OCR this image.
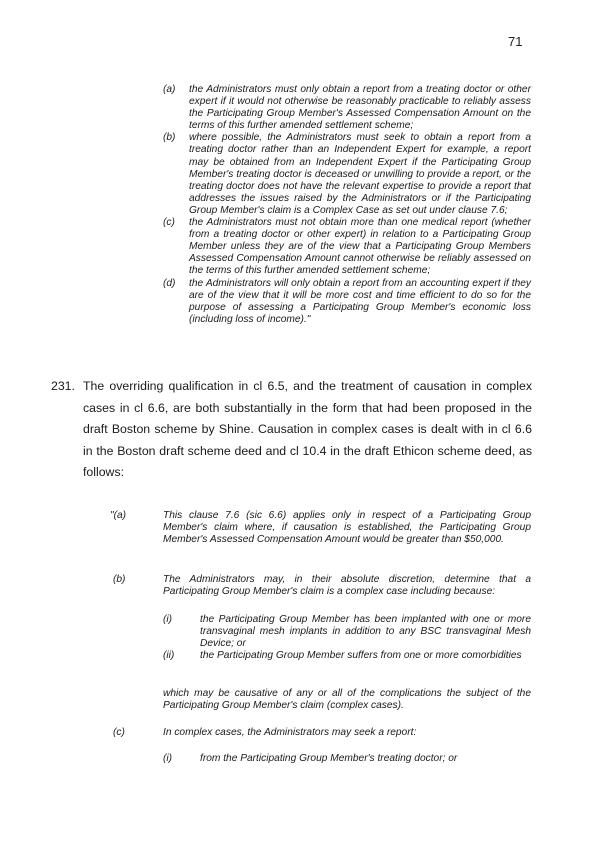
71
(a)	the Administrators must only obtain a report from a treating doctor or other expert if it would not otherwise be reasonably practicable to reliably assess the Participating Group Member's Assessed Compensation Amount on the terms of this further amended settlement scheme;
(b)	where possible, the Administrators must seek to obtain a report from a treating doctor rather than an Independent Expert for example, a report may be obtained from an Independent Expert if the Participating Group Member's treating doctor is deceased or unwilling to provide a report, or the treating doctor does not have the relevant expertise to provide a report that addresses the issues raised by the Administrators or if the Participating Group Member's claim is a Complex Case as set out under clause 7.6;
(c)	the Administrators must not obtain more than one medical report (whether from a treating doctor or other expert) in relation to a Participating Group Member unless they are of the view that a Participating Group Members Assessed Compensation Amount cannot otherwise be reliably assessed on the terms of this further amended settlement scheme;
(d)	the Administrators will only obtain a report from an accounting expert if they are of the view that it will be more cost and time efficient to do so for the purpose of assessing a Participating Group Member's economic loss (including loss of income)."
231. The overriding qualification in cl 6.5, and the treatment of causation in complex cases in cl 6.6, are both substantially in the form that had been proposed in the draft Boston scheme by Shine. Causation in complex cases is dealt with in cl 6.6 in the Boston draft scheme deed and cl 10.4 in the draft Ethicon scheme deed, as follows:
"(a)	This clause 7.6 (sic 6.6) applies only in respect of a Participating Group Member's claim where, if causation is established, the Participating Group Member's Assessed Compensation Amount would be greater than $50,000.
(b)	The Administrators may, in their absolute discretion, determine that a Participating Group Member's claim is a complex case including because:
(i)	the Participating Group Member has been implanted with one or more transvaginal mesh implants in addition to any BSC transvaginal Mesh Device; or
(ii)	the Participating Group Member suffers from one or more comorbidities
which may be causative of any or all of the complications the subject of the Participating Group Member's claim (complex cases).
(c)	In complex cases, the Administrators may seek a report:
(i)	from the Participating Group Member's treating doctor; or
